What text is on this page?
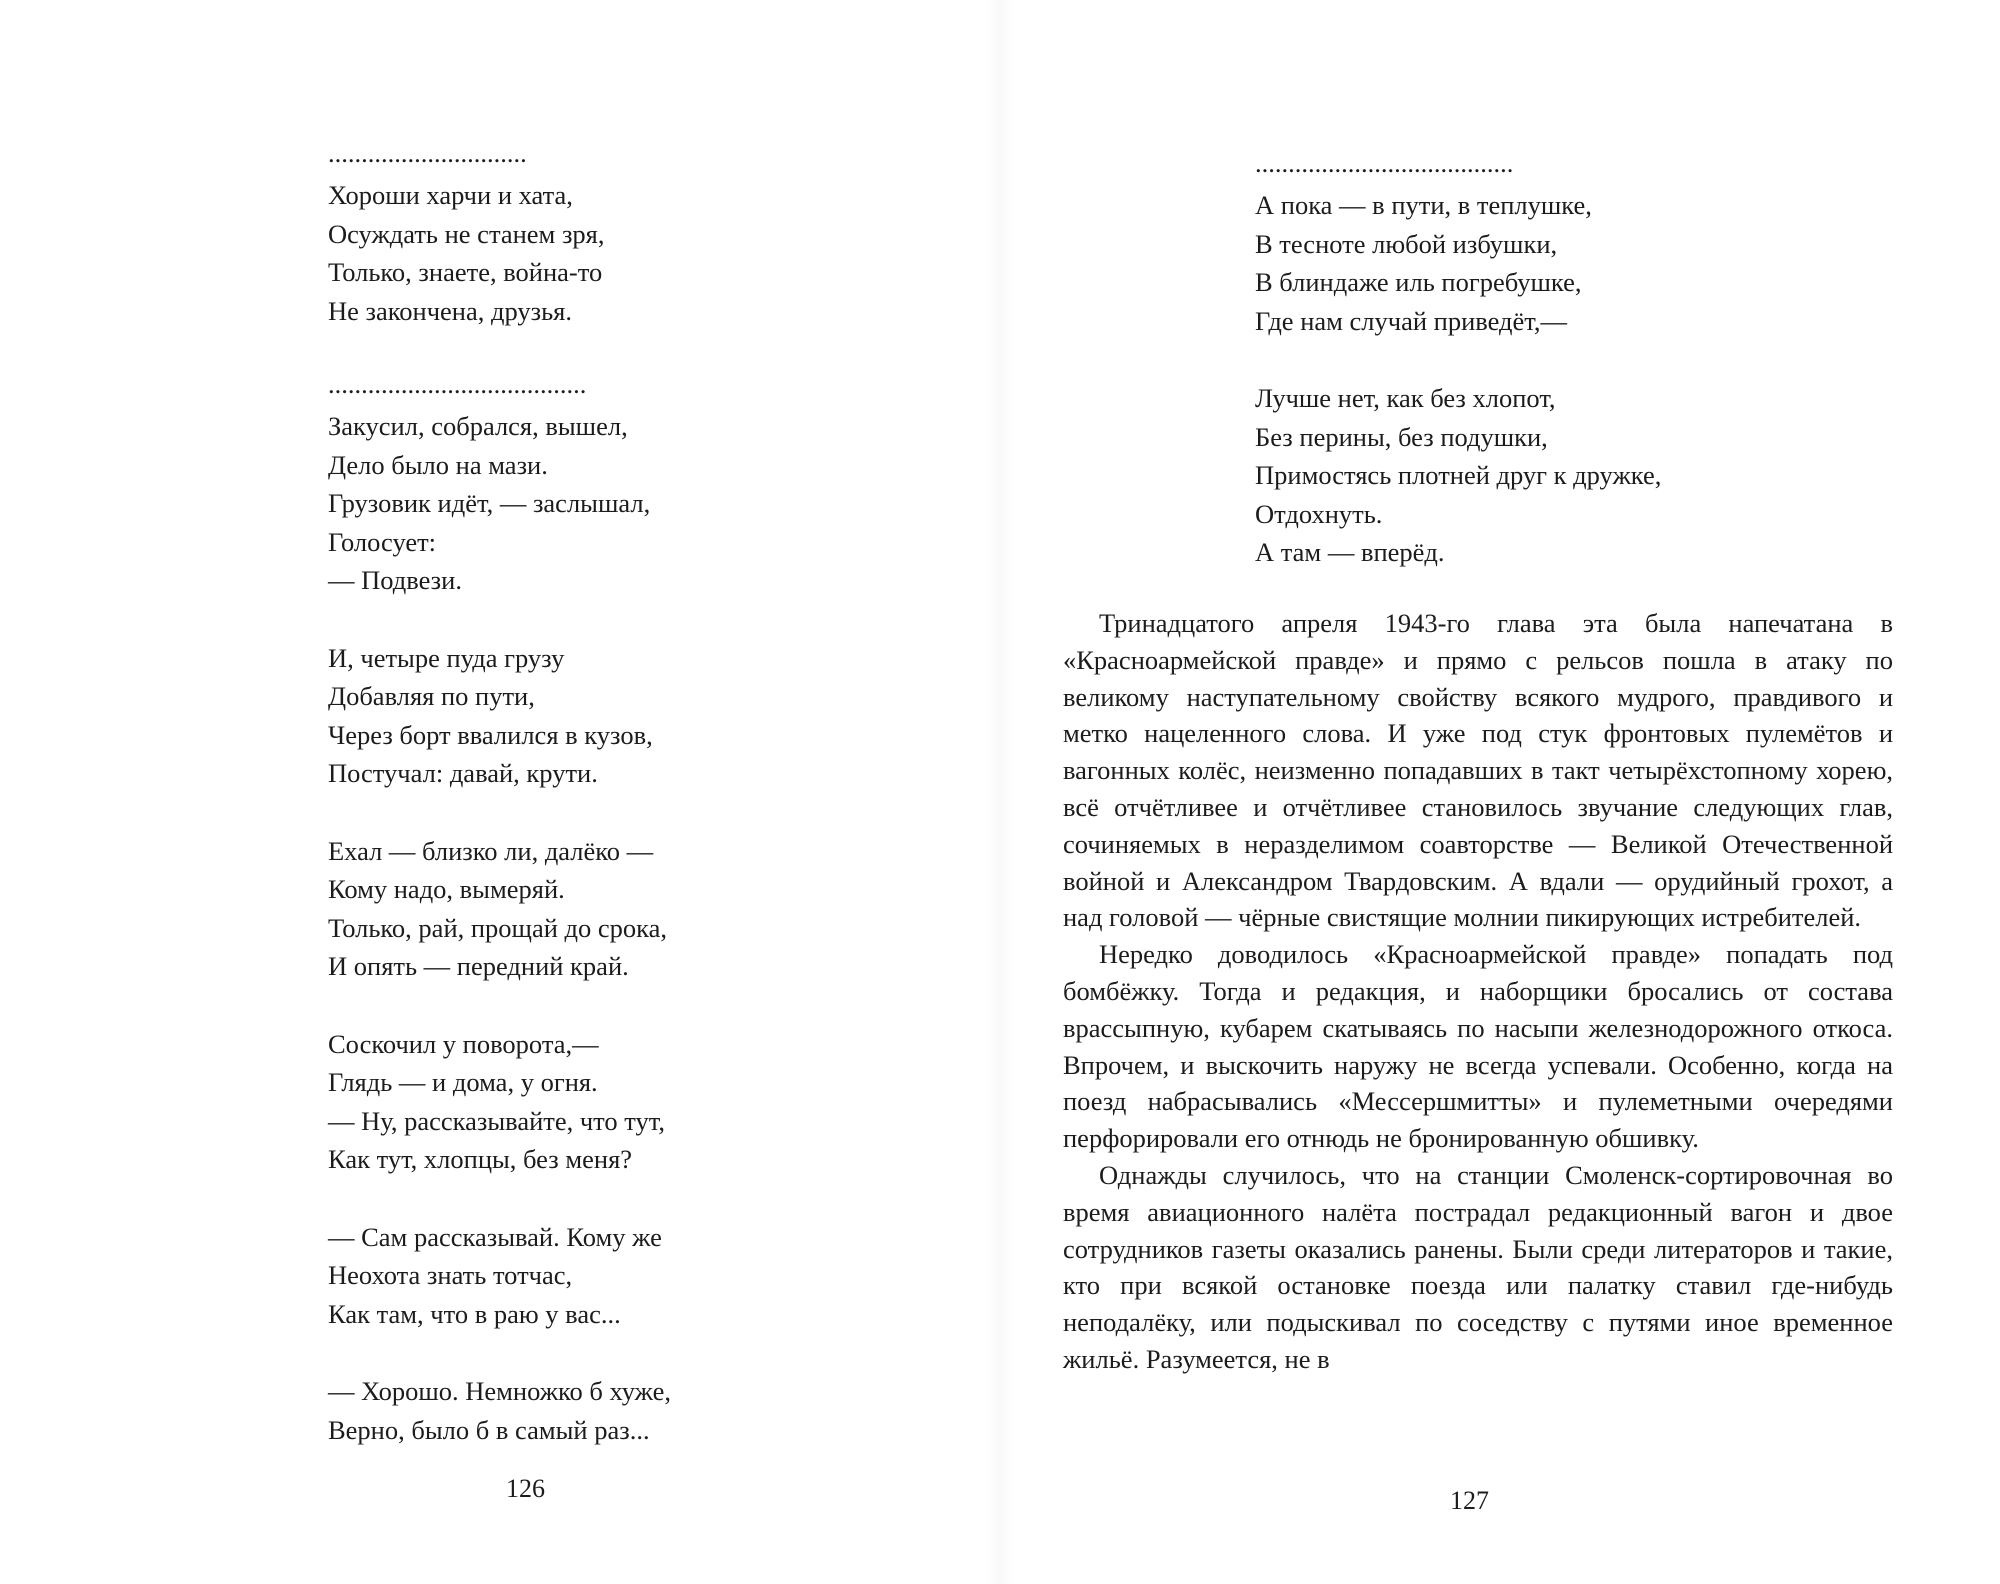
..............................
Хороши харчи и хата,
Осуждать не станем зря,
Только, знаете, война-то
Не закончена, друзья.
.......................................
Закусил, собрался, вышел,
Дело было на мази.
Грузовик идёт, — заслышал,
Голосует:
— Подвези.
И, четыре пуда грузу
Добавляя по пути,
Через борт ввалился в кузов,
Постучал: давай, крути.
Ехал — близко ли, далёко —
Кому надо, вымеряй.
Только, рай, прощай до срока,
И опять — передний край.
Соскочил у поворота,—
Глядь — и дома, у огня.
— Ну, рассказывайте, что тут,
Как тут, хлопцы, без меня?
— Сам рассказывай. Кому же
Неохота знать тотчас,
Как там, что в раю у вас...
— Хорошо. Немножко б хуже,
Верно, было б в самый раз...
126
.......................................
А пока — в пути, в теплушке,
В тесноте любой избушки,
В блиндаже иль погребушке,
Где нам случай приведёт,—
Лучше нет, как без хлопот,
Без перины, без подушки,
Примостясь плотней друг к дружке,
Отдохнуть.
А там — вперёд.

Тринадцатого апреля 1943-го глава эта была напечатана в «Красноармейской правде» и прямо с рельсов пошла в атаку по великому наступательному свойству всякого мудрого, правдивого и метко нацеленного слова. И уже под стук фронтовых пулемётов и вагонных колёс, неизменно попадавших в такт четырёхстопному хорею, всё отчётливее и отчётливее становилось звучание следующих глав, сочиняемых в неразделимом соавторстве — Великой Отечественной войной и Александром Твардовским. А вдали — орудийный грохот, а над головой — чёрные свистящие молнии пикирующих истребителей.

Нередко доводилось «Красноармейской правде» попадать под бомбёжку. Тогда и редакция, и наборщики бросались от состава врассыпную, кубарем скатываясь по насыпи железнодорожного откоса. Впрочем, и выскочить наружу не всегда успевали. Особенно, когда на поезд набрасывались «Мессершмитты» и пулеметными очередями перфорировали его отнюдь не бронированную обшивку.

Однажды случилось, что на станции Смоленск-сортировочная во время авиационного налёта пострадал редакционный вагон и двое сотрудников газеты оказались ранены. Были среди литераторов и такие, кто при всякой остановке поезда или палатку ставил где-нибудь неподалёку, или подыскивал по соседству с путями иное временное жильё. Разумеется, не в

127
